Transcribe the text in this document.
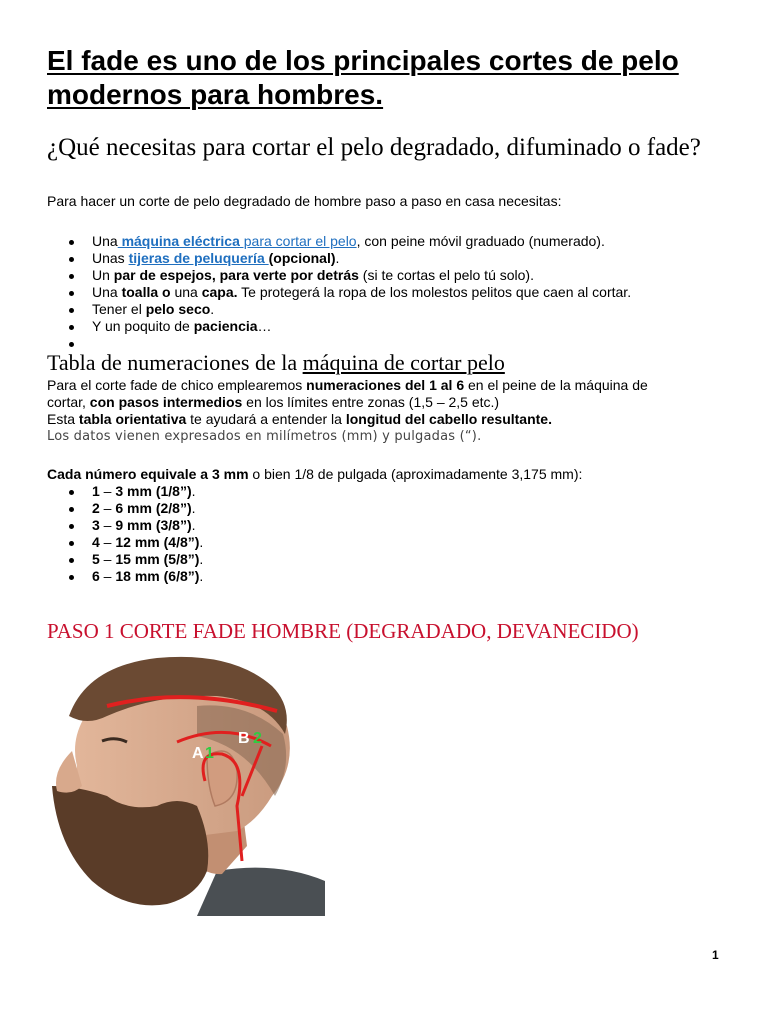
El fade es uno de los principales cortes de pelo modernos para hombres.
¿Qué necesitas para cortar el pelo degradado, difuminado o fade?

Para hacer un corte de pelo degradado de hombre paso a paso en casa necesitas:

Una máquina eléctrica para cortar el pelo, con peine móvil graduado (numerado).
Unas tijeras de peluquería (opcional).
Un par de espejos, para verte por detrás (si te cortas el pelo tú solo).
Una toalla o una capa. Te protegerá la ropa de los molestos pelitos que caen al cortar.
Tener el pelo seco.
Y un poquito de paciencia…

Tabla de numeraciones de la máquina de cortar pelo

Para el corte fade de chico emplearemos numeraciones del 1 al 6 en el peine de la máquina de

cortar, con pasos intermedios en los límites entre zonas (1,5 – 2,5 etc.)

Esta tabla orientativa te ayudará a entender la longitud del cabello resultante.

Los datos vienen expresados en milímetros (mm) y pulgadas (“).

Cada número equivale a 3 mm o bien 1/8 de pulgada (aproximadamente 3,175 mm):

1 – 3 mm (1/8”).
2 – 6 mm (2/8”).
3 – 9 mm (3/8”).
4 – 12 mm (4/8”).
5 – 15 mm (5/8”).
6 – 18 mm (6/8”).
PASO 1 CORTE FADE HOMBRE (DEGRADADO, DEVANECIDO)
A 1
B 2
1
